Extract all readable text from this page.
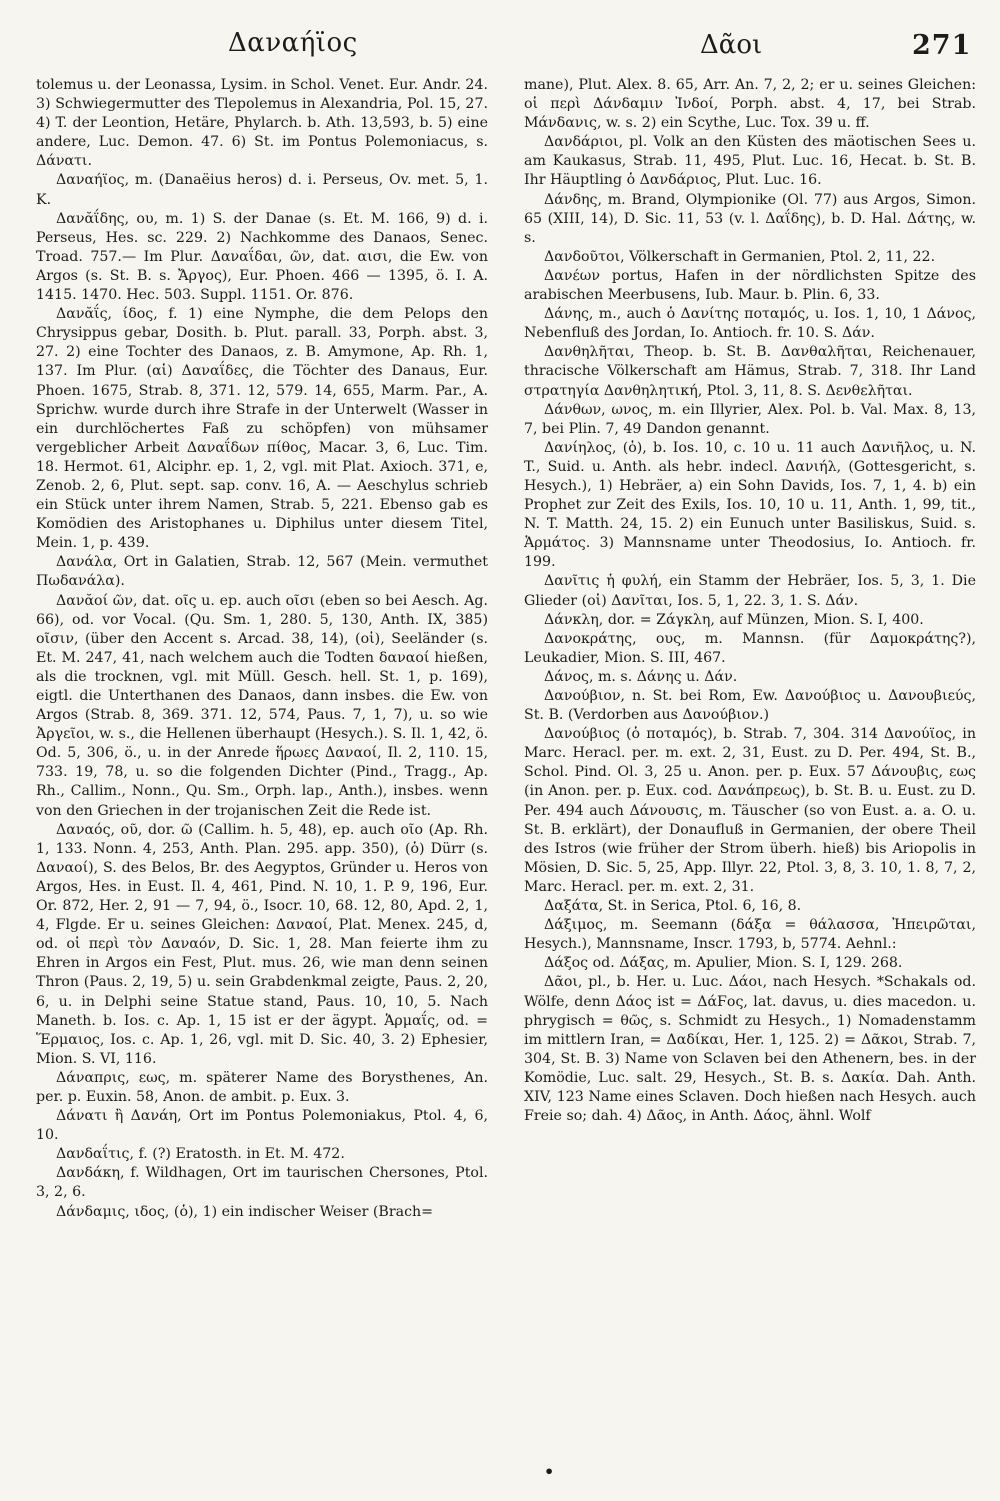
Δαναήϊος	Δᾶοι	271

tolemus u. der Leonassa, Lysim. in Schol. Venet. Eur. Andr. 24. 3) Schwiegermutter des Tlepolemus in Alexandria, Pol. 15, 27. 4) T. der Leontion, Hetäre, Phylarch. b. Ath. 13,593, b. 5) eine andere, Luc. Demon. 47. 6) St. im Pontus Polemoniacus, s. Δάνατι.

Δαναήϊος, m. (Danaëius heros) d. i. Perseus, Ov. met. 5, 1. K.

Δανᾰΐδης, ου, m. 1) S. der Danae (s. Et. M. 166, 9) d. i. Perseus, Hes. sc. 229. 2) Nachkomme des Danaos, Senec. Troad. 757.— Im Plur. Δαναΐδαι, ῶν, dat. αισι, die Ew. von Argos (s. St. B. s. Ἄργος), Eur. Phoen. 466 — 1395, ö. I. A. 1415. 1470. Hec. 503. Suppl. 1151. Or. 876.

Δανᾰΐς, ίδος, f. 1) eine Nymphe, die dem Pelops den Chrysippus gebar, Dosith. b. Plut. parall. 33, Porph. abst. 3, 27. 2) eine Tochter des Danaos, z. B. Amymone, Ap. Rh. 1, 137. Im Plur. (αἱ) Δαναΐδες, die Töchter des Danaus, Eur. Phoen. 1675, Strab. 8, 371. 12, 579. 14, 655, Marm. Par., A. Sprichw. wurde durch ihre Strafe in der Unterwelt (Wasser in ein durchlöchertes Faß zu schöpfen) von mühsamer vergeblicher Arbeit Δαναΐδων πίθος, Macar. 3, 6, Luc. Tim. 18. Hermot. 61, Alciphr. ep. 1, 2, vgl. mit Plat. Axioch. 371, e, Zenob. 2, 6, Plut. sept. sap. conv. 16, A. — Aeschylus schrieb ein Stück unter ihrem Namen, Strab. 5, 221. Ebenso gab es Komödien des Aristophanes u. Diphilus unter diesem Titel, Mein. 1, p. 439.

Δανάλα, Ort in Galatien, Strab. 12, 567 (Mein. vermuthet Πωδανάλα).

Δανᾰοί ῶν, dat. οῖς u. ep. auch οῖσι (eben so bei Aesch. Ag. 66), od. vor Vocal. (Qu. Sm. 1, 280. 5, 130, Anth. IX, 385) οῖσιν, (über den Accent s. Arcad. 38, 14), (οἱ), Seeländer (s. Et. M. 247, 41, nach welchem auch die Todten δαναοί hießen, als die trocknen, vgl. mit Müll. Gesch. hell. St. 1, p. 169), eigtl. die Unterthanen des Danaos, dann insbes. die Ew. von Argos (Strab. 8, 369. 371. 12, 574, Paus. 7, 1, 7), u. so wie Ἀργεῖοι, w. s., die Hellenen überhaupt (Hesych.). S. Il. 1, 42, ö. Od. 5, 306, ö., u. in der Anrede ἥρωες Δαναοί, Il. 2, 110. 15, 733. 19, 78, u. so die folgenden Dichter (Pind., Tragg., Ap. Rh., Callim., Nonn., Qu. Sm., Orph. lap., Anth.), insbes. wenn von den Griechen in der trojanischen Zeit die Rede ist.

Δαναός, οῦ, dor. ῶ (Callim. h. 5, 48), ep. auch οῖο (Ap. Rh. 1, 133. Nonn. 4, 253, Anth. Plan. 295. app. 350), (ὁ) Dürr (s. Δαναοί), S. des Belos, Br. des Aegyptos, Gründer u. Heros von Argos, Hes. in Eust. Il. 4, 461, Pind. N. 10, 1. P. 9, 196, Eur. Or. 872, Her. 2, 91 — 7, 94, ö., Isocr. 10, 68. 12, 80, Apd. 2, 1, 4, Flgde. Er u. seines Gleichen: Δαναοί, Plat. Menex. 245, d, od. οἱ περὶ τὸν Δαναόν, D. Sic. 1, 28. Man feierte ihm zu Ehren in Argos ein Fest, Plut. mus. 26, wie man denn seinen Thron (Paus. 2, 19, 5) u. sein Grabdenkmal zeigte, Paus. 2, 20, 6, u. in Delphi seine Statue stand, Paus. 10, 10, 5. Nach Maneth. b. Ios. c. Ap. 1, 15 ist er der ägypt. Ἁρμαΐς, od. = Ἕρμαιος, Ios. c. Ap. 1, 26, vgl. mit D. Sic. 40, 3. 2) Ephesier, Mion. S. VI, 116.

Δάναπρις, εως, m. späterer Name des Borysthenes, An. per. p. Euxin. 58, Anon. de ambit. p. Eux. 3.

Δάνατι ἢ Δανάη, Ort im Pontus Polemoniakus, Ptol. 4, 6, 10.

Δανδαΐτις, f. (?) Eratosth. in Et. M. 472.

Δανδάκη, f. Wildhagen, Ort im taurischen Chersones, Ptol. 3, 2, 6.

Δάνδαμις, ιδος, (ὁ), 1) ein indischer Weiser (Brach=

mane), Plut. Alex. 8. 65, Arr. An. 7, 2, 2; er u. seines Gleichen: οἱ περὶ Δάνδαμιν Ἰνδοί, Porph. abst. 4, 17, bei Strab. Μάνδανις, w. s. 2) ein Scythe, Luc. Tox. 39 u. ff.

Δανδάριοι, pl. Volk an den Küsten des mäotischen Sees u. am Kaukasus, Strab. 11, 495, Plut. Luc. 16, Hecat. b. St. B. Ihr Häuptling ὁ Δανδάριος, Plut. Luc. 16.

Δάνδης, m. Brand, Olympionike (Ol. 77) aus Argos, Simon. 65 (XIII, 14), D. Sic. 11, 53 (v. l. Δαΐδης), b. D. Hal. Δάτης, w. s.

Δανδοῦτοι, Völkerschaft in Germanien, Ptol. 2, 11, 22.

Δανέων portus, Hafen in der nördlichsten Spitze des arabischen Meerbusens, Iub. Maur. b. Plin. 6, 33.

Δάνης, m., auch ὁ Δανίτης ποταμός, u. Ios. 1, 10, 1 Δάνος, Nebenfluß des Jordan, Io. Antioch. fr. 10. S. Δάν.

Δανθηλῆται, Theop. b. St. B. Δανθαλῆται, Reichenauer, thracische Völkerschaft am Hämus, Strab. 7, 318. Ihr Land στρατηγία Δανθηλητική, Ptol. 3, 11, 8. S. Δενθελῆται.

Δάνθων, ωνος, m. ein Illyrier, Alex. Pol. b. Val. Max. 8, 13, 7, bei Plin. 7, 49 Dandon genannt.

Δανίηλος, (ὁ), b. Ios. 10, c. 10 u. 11 auch Δανιῆλος, u. N. T., Suid. u. Anth. als hebr. indecl. Δανιήλ, (Gottesgericht, s. Hesych.), 1) Hebräer, a) ein Sohn Davids, Ios. 7, 1, 4. b) ein Prophet zur Zeit des Exils, Ios. 10, 10 u. 11, Anth. 1, 99, tit., N. T. Matth. 24, 15. 2) ein Eunuch unter Basiliskus, Suid. s. Ἁρμάτος. 3) Mannsname unter Theodosius, Io. Antioch. fr. 199.

Δανῖτις ἡ φυλή, ein Stamm der Hebräer, Ios. 5, 3, 1. Die Glieder (οἱ) Δανῖται, Ios. 5, 1, 22. 3, 1. S. Δάν.

Δάνκλη, dor. = Ζάγκλη, auf Münzen, Mion. S. I, 400.

Δανοκράτης, ους, m. Mannsn. (für Δαμοκράτης?), Leukadier, Mion. S. III, 467.

Δάνος, m. s. Δάνης u. Δάν.

Δανούβιον, n. St. bei Rom, Ew. Δανούβιος u. Δανουβιεύς, St. B. (Verdorben aus Δανούβιον.)

Δανούβιος (ὁ ποταμός), b. Strab. 7, 304. 314 Δανούϊος, in Marc. Heracl. per. m. ext. 2, 31, Eust. zu D. Per. 494, St. B., Schol. Pind. Ol. 3, 25 u. Anon. per. p. Eux. 57 Δάνουβις, εως (in Anon. per. p. Eux. cod. Δανάπρεως), b. St. B. u. Eust. zu D. Per. 494 auch Δάνουσις, m. Täuscher (so von Eust. a. a. O. u. St. B. erklärt), der Donaufluß in Germanien, der obere Theil des Istros (wie früher der Strom überh. hieß) bis Ariopolis in Mösien, D. Sic. 5, 25, App. Illyr. 22, Ptol. 3, 8, 3. 10, 1. 8, 7, 2, Marc. Heracl. per. m. ext. 2, 31.

Δαξάτα, St. in Serica, Ptol. 6, 16, 8.

Δάξιμος, m. Seemann (δάξα = θάλασσα, Ἠπειρῶται, Hesych.), Mannsname, Inscr. 1793, b, 5774. Aehnl.:

Δάξος od. Δάξας, m. Apulier, Mion. S. I, 129. 268.

Δᾶοι, pl., b. Her. u. Luc. Δάοι, nach Hesych. *Schakals od. Wölfe, denn Δάος ist = ΔάϜος, lat. davus, u. dies macedon. u. phrygisch = θῶς, s. Schmidt zu Hesych., 1) Nomadenstamm im mittlern Iran, = Δαδίκαι, Her. 1, 125. 2) = Δᾶκοι, Strab. 7, 304, St. B. 3) Name von Sclaven bei den Athenern, bes. in der Komödie, Luc. salt. 29, Hesych., St. B. s. Δακία. Dah. Anth. XIV, 123 Name eines Sclaven. Doch hießen nach Hesych. auch Freie so; dah. 4) Δᾶος, in Anth. Δάος, ähnl. Wolf

•
